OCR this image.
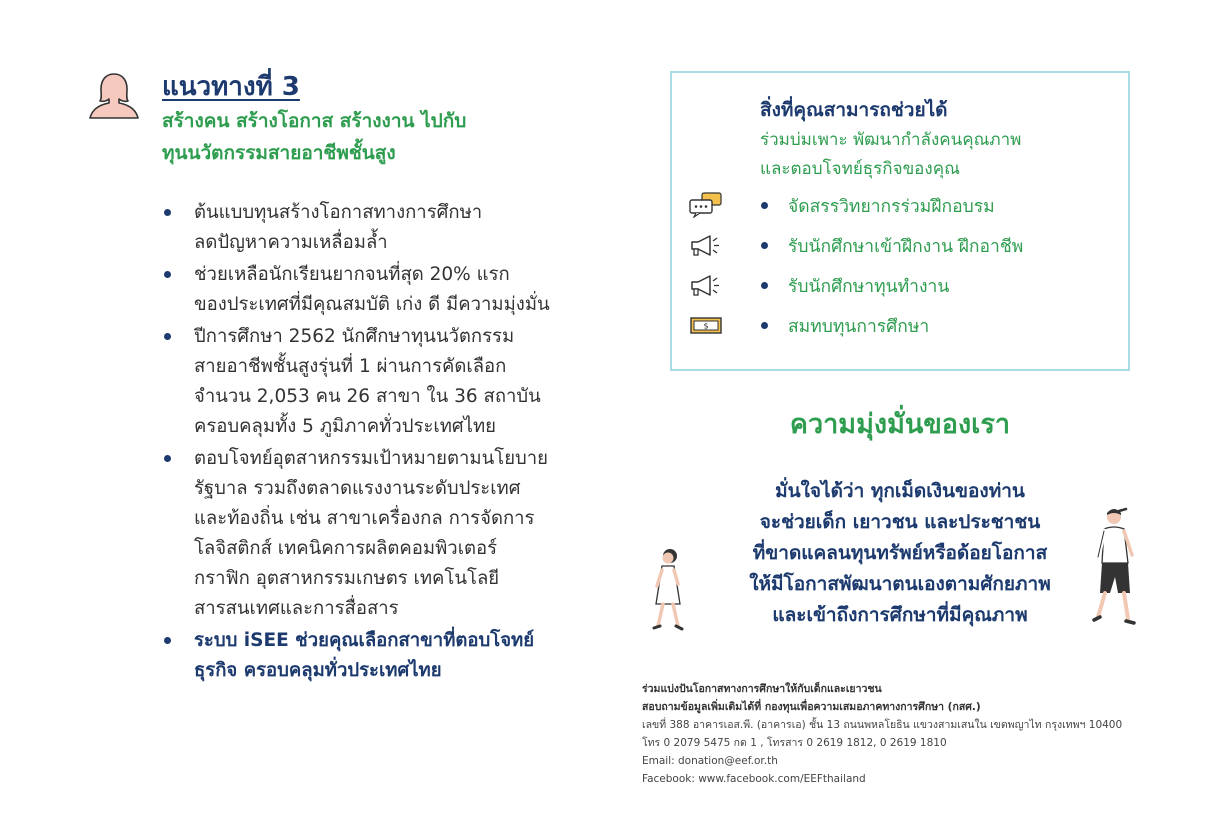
แนวทางที่ 3
สร้างคน สร้างโอกาส สร้างงาน ไปกับ
ทุนนวัตกรรมสายอาชีพชั้นสูง
ต้นแบบทุนสร้างโอกาสทางการศึกษา
ลดปัญหาความเหลื่อมล้ำ
ช่วยเหลือนักเรียนยากจนที่สุด 20% แรก
ของประเทศที่มีคุณสมบัติ เก่ง ดี มีความมุ่งมั่น
ปีการศึกษา 2562 นักศึกษาทุนนวัตกรรม
สายอาชีพชั้นสูงรุ่นที่ 1 ผ่านการคัดเลือก
จำนวน 2,053 คน 26 สาขา ใน 36 สถาบัน
ครอบคลุมทั้ง 5 ภูมิภาคทั่วประเทศไทย
ตอบโจทย์อุตสาหกรรมเป้าหมายตามนโยบาย
รัฐบาล รวมถึงตลาดแรงงานระดับประเทศ
และท้องถิ่น เช่น สาขาเครื่องกล การจัดการ
โลจิสติกส์ เทคนิคการผลิตคอมพิวเตอร์
กราฟิก อุตสาหกรรมเกษตร เทคโนโลยี
สารสนเทศและการสื่อสาร
ระบบ iSEE ช่วยคุณเลือกสาขาที่ตอบโจทย์
ธุรกิจ ครอบคลุมทั่วประเทศไทย
สิ่งที่คุณสามารถช่วยได้
ร่วมบ่มเพาะ พัฒนากำลังคนคุณภาพ
และตอบโจทย์ธุรกิจของคุณ
จัดสรรวิทยากรร่วมฝึกอบรม
รับนักศึกษาเข้าฝึกงาน ฝึกอาชีพ
รับนักศึกษาทุนทำงาน
$	สมทบทุนการศึกษา
ความมุ่งมั่นของเรา
มั่นใจได้ว่า ทุกเม็ดเงินของท่าน
จะช่วยเด็ก เยาวชน และประชาชน
ที่ขาดแคลนทุนทรัพย์หรือด้อยโอกาส
ให้มีโอกาสพัฒนาตนเองตามศักยภาพ
และเข้าถึงการศึกษาที่มีคุณภาพ
ร่วมแบ่งปันโอกาสทางการศึกษาให้กับเด็กและเยาวชน
สอบถามข้อมูลเพิ่มเติมได้ที่ กองทุนเพื่อความเสมอภาคทางการศึกษา (กสศ.)
เลขที่ 388 อาคารเอส.พี. (อาคารเอ) ชั้น 13 ถนนพหลโยธิน แขวงสามเสนใน เขตพญาไท กรุงเทพฯ 10400
โทร 0 2079 5475 กด 1 , โทรสาร 0 2619 1812, 0 2619 1810
Email: donation@eef.or.th
Facebook: www.facebook.com/EEFthailand
